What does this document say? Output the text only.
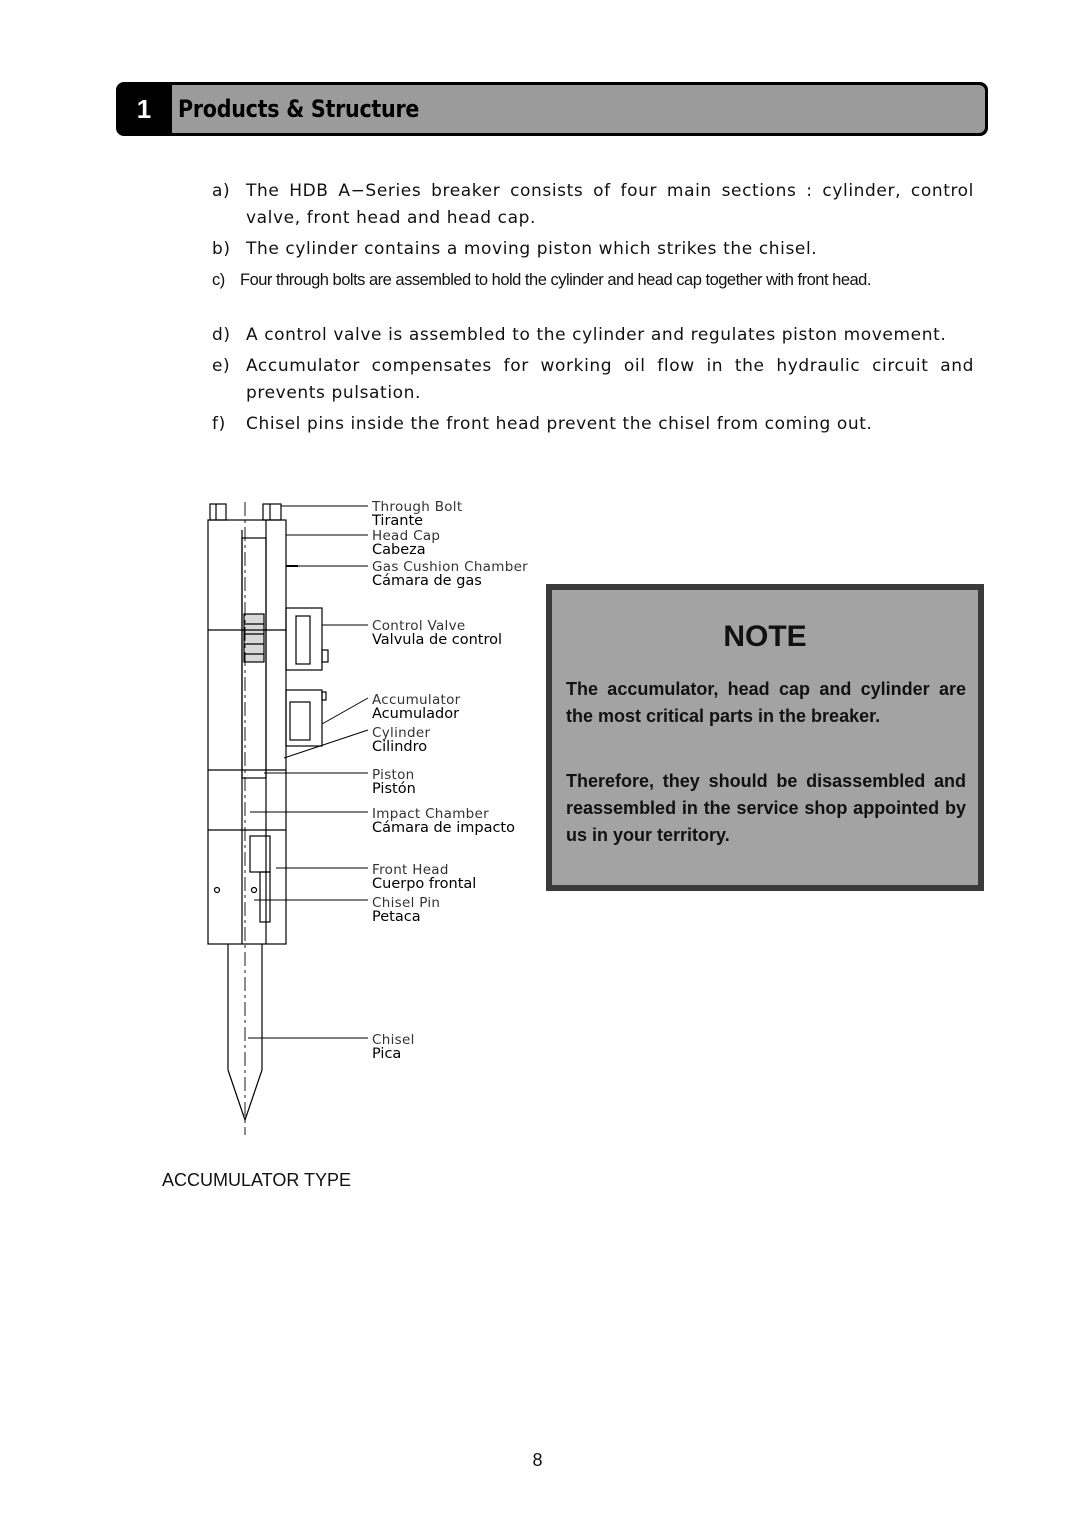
1	Products & Structure
a) The HDB A−Series breaker consists of four main sections : cylinder, control valve, front head and head cap.
b) The cylinder contains a moving piston which strikes the chisel.
c) Four through bolts are assembled to hold the cylinder and head cap together with front head.
d) A control valve is assembled to the cylinder and regulates piston movement.
e) Accumulator compensates for working oil flow in the hydraulic circuit and prevents pulsation.
f) Chisel pins inside the front head prevent the chisel from coming out.
Through Bolt
Tirante
Head Cap
Cabeza
Gas Cushion Chamber
Cámara de gas
Control Valve
Valvula de control
Accumulator
Acumulador
Cylinder
Cilindro
Piston
Pistón
Impact Chamber
Cámara de impacto
Front Head
Cuerpo frontal
Chisel Pin
Petaca
Chisel
Pica
NOTE
The accumulator, head cap and cylinder are the most critical parts in the breaker.
Therefore, they should be disassembled and reassembled in the service shop appointed by us in your territory.
ACCUMULATOR TYPE
8
